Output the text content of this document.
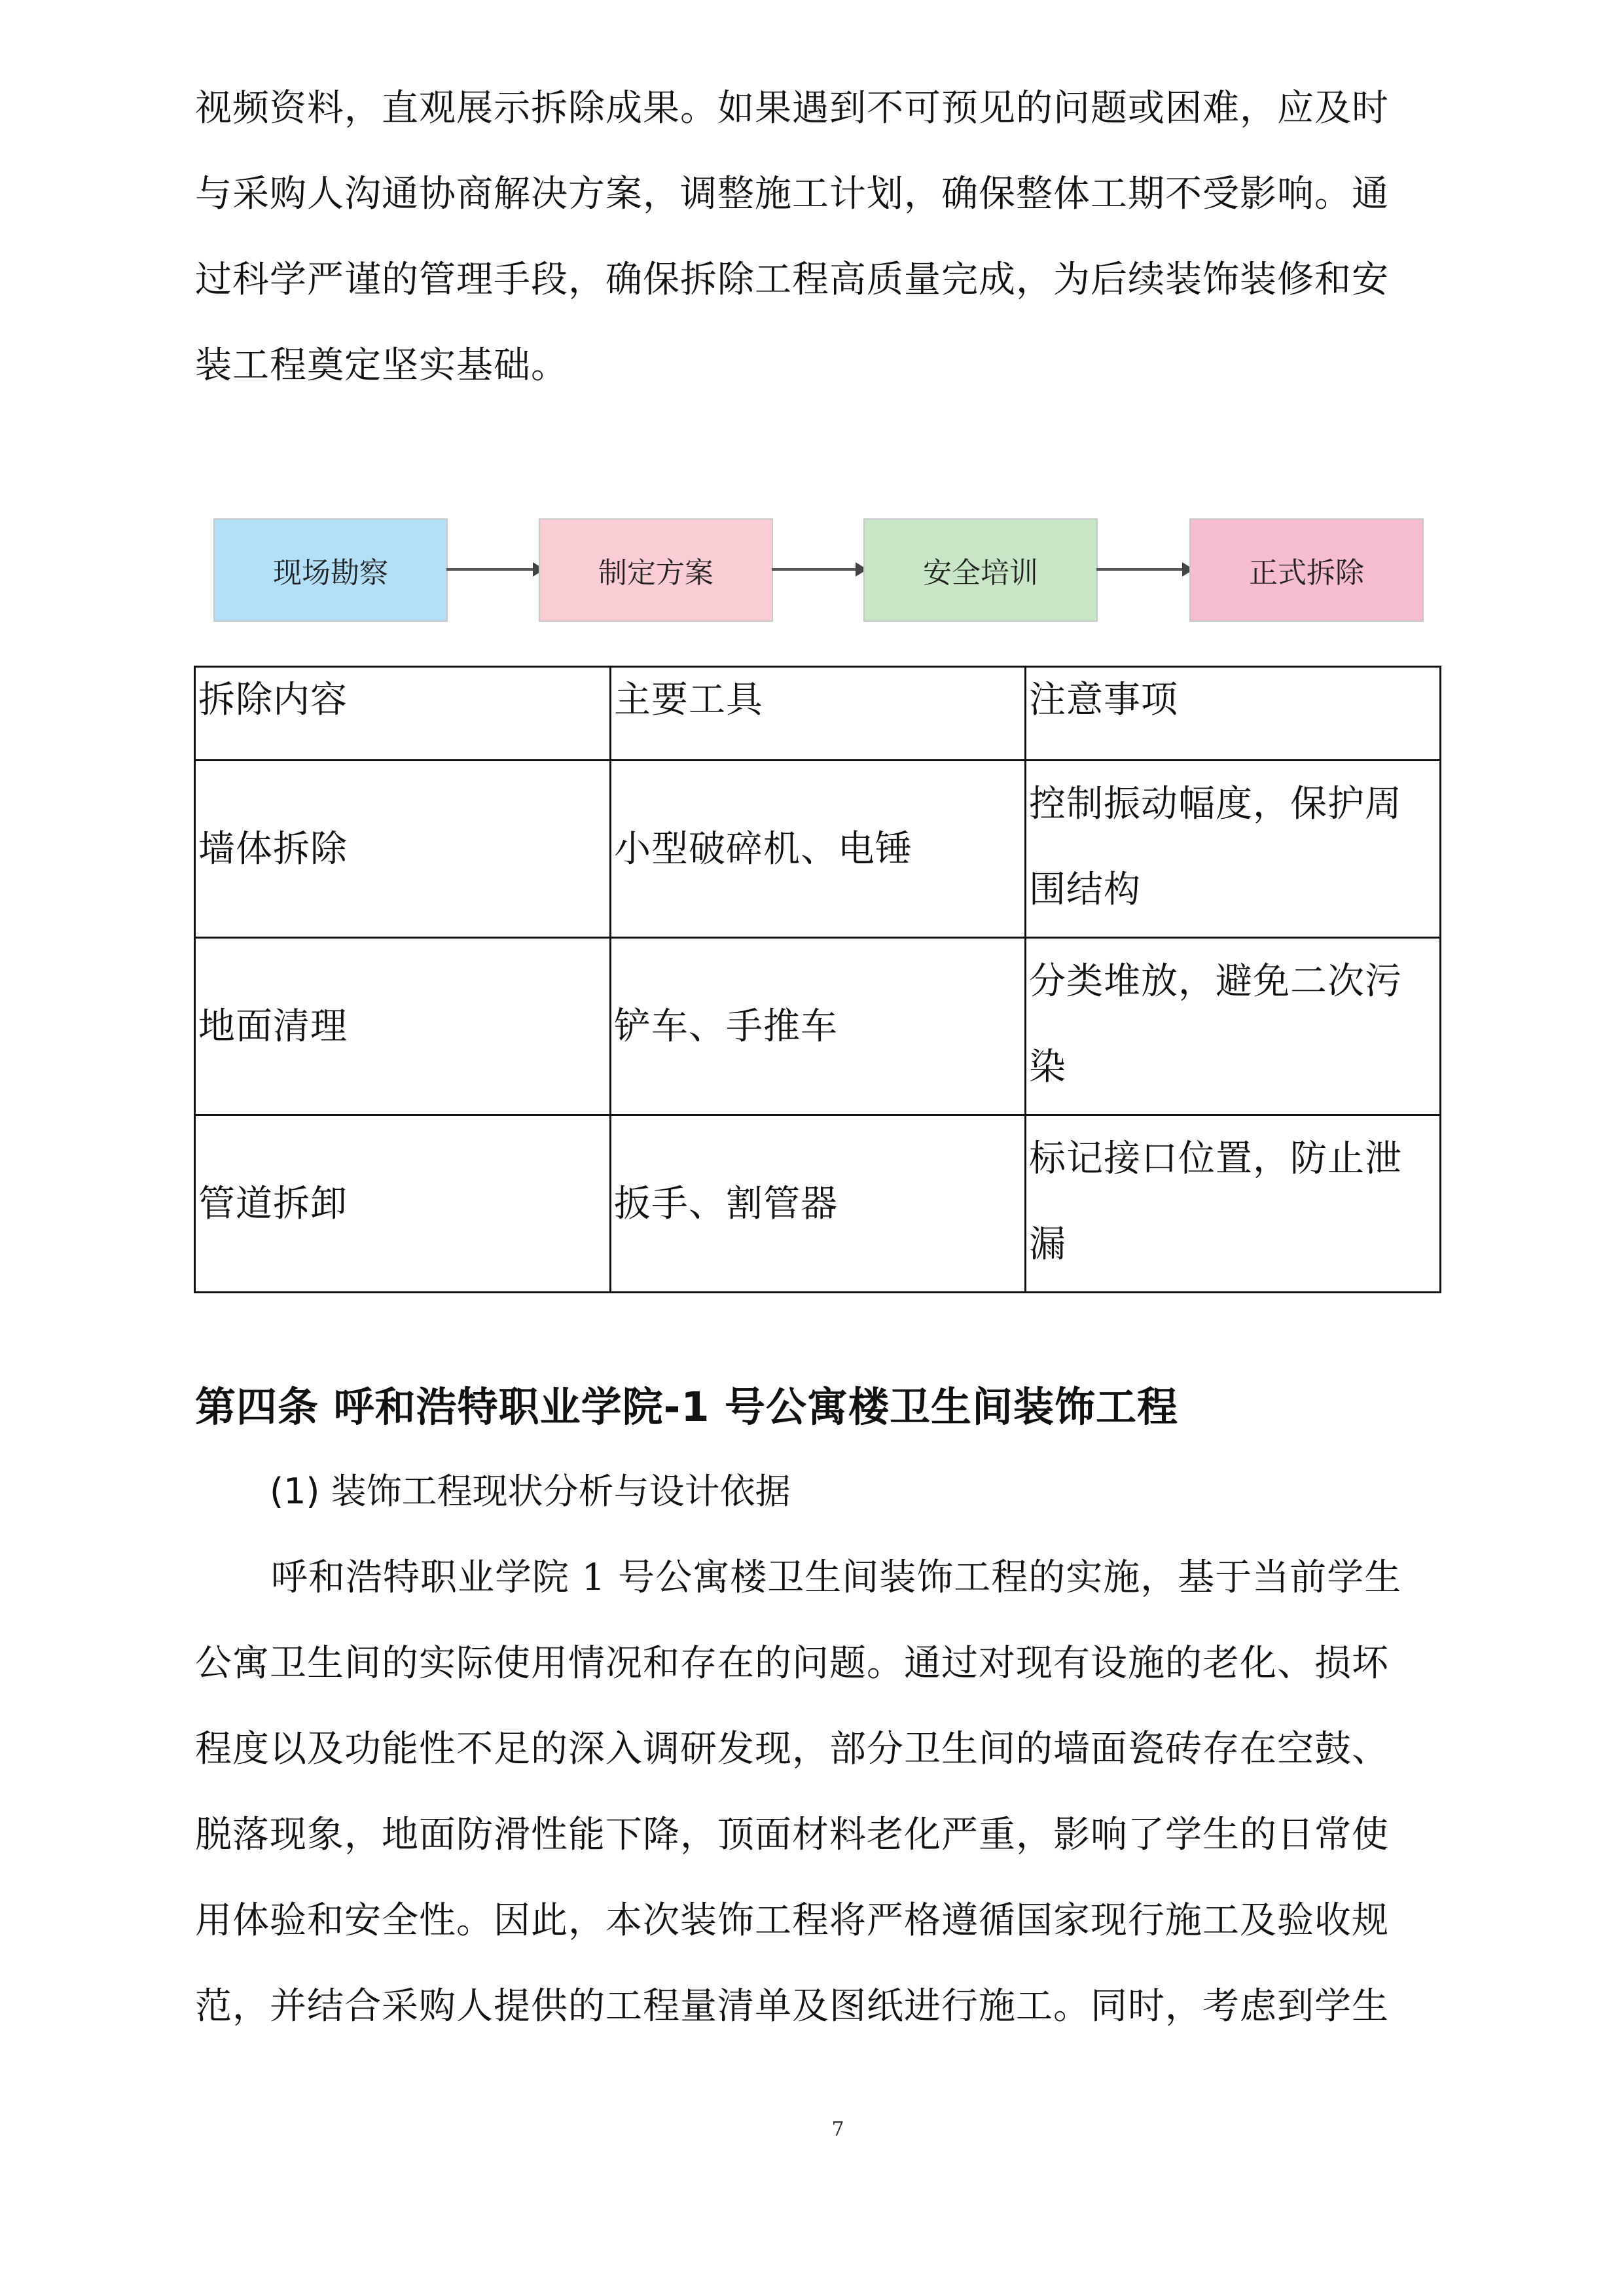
视频资料，直观展示拆除成果。如果遇到不可预见的问题或困难，应及时
与采购人沟通协商解决方案，调整施工计划，确保整体工期不受影响。通
过科学严谨的管理手段，确保拆除工程高质量完成，为后续装饰装修和安
装工程奠定坚实基础。
现场勘察	制定方案	安全培训	正式拆除
拆除内容	主要工具	注意事项
墙体拆除	小型破碎机、电锤	控制振动幅度，保护周
围结构

地面清理	铲车、手推车	分类堆放，避免二次污
染

管道拆卸	扳手、割管器	标记接口位置，防止泄
漏
第四条 呼和浩特职业学院-1 号公寓楼卫生间装饰工程

(1) 装饰工程现状分析与设计依据

呼和浩特职业学院 1 号公寓楼卫生间装饰工程的实施，基于当前学生
公寓卫生间的实际使用情况和存在的问题。通过对现有设施的老化、损坏
程度以及功能性不足的深入调研发现，部分卫生间的墙面瓷砖存在空鼓、
脱落现象，地面防滑性能下降，顶面材料老化严重，影响了学生的日常使
用体验和安全性。因此，本次装饰工程将严格遵循国家现行施工及验收规
范，并结合采购人提供的工程量清单及图纸进行施工。同时，考虑到学生
7
